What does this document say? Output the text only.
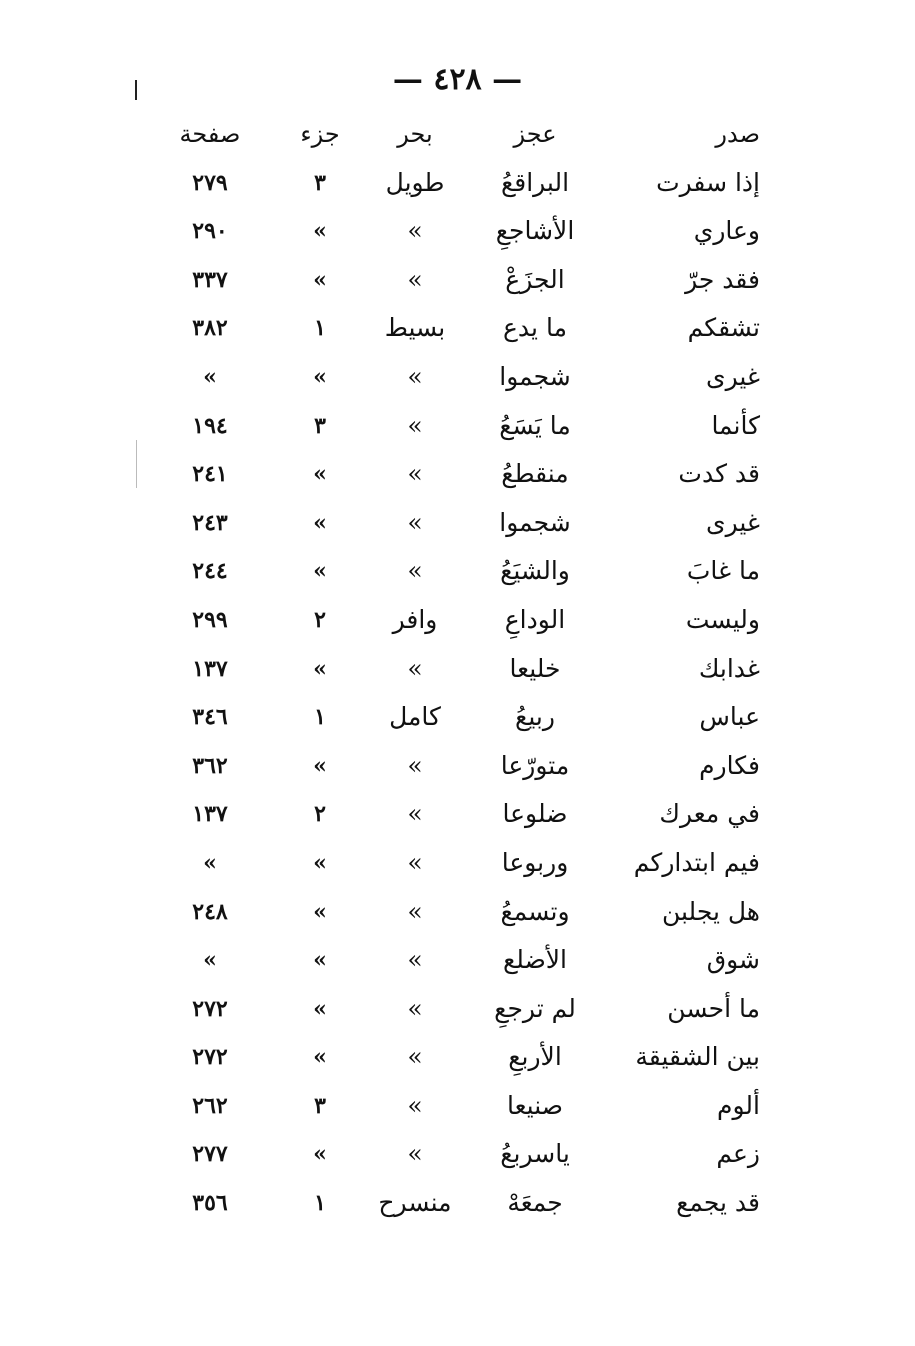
— ٤٢٨ —
صدر
عجز
بحر
جزء
صفحة
إذا سفرت
البراقعُ
طويل
٣
٢٧٩
وعاري
الأشاجعِ
»
»
٢٩٠
فقد جرّ
الجزَعْ
»
»
٣٣٧
تشقكم
ما يدع
بسيط
١
٣٨٢
غيرى
شجموا
»
»
»
كأنما
ما يَسَعُ
»
٣
١٩٤
قد كدت
منقطعُ
»
»
٢٤١
غيرى
شجموا
»
»
٢٤٣
ما غابَ
والشيَعُ
»
»
٢٤٤
وليست
الوداعِ
وافر
٢
٢٩٩
غدابك
خليعا
»
»
١٣٧
عباس
ربيعُ
كامل
١
٣٤٦
فكارم
متورّعا
»
»
٣٦٢
في معرك
ضلوعا
»
٢
١٣٧
فيم ابتداركم
وربوعا
»
»
»
هل يجلبن
وتسمعُ
»
»
٢٤٨
شوق
الأضلع
»
»
»
ما أحسن
لم ترجعِ
»
»
٢٧٢
بين الشقيقة
الأربعِ
»
»
٢٧٢
ألوم
صنيعا
»
٣
٢٦٢
زعم
ياسربعُ
»
»
٢٧٧
قد يجمع
جمعَهْ
منسرح
١
٣٥٦
